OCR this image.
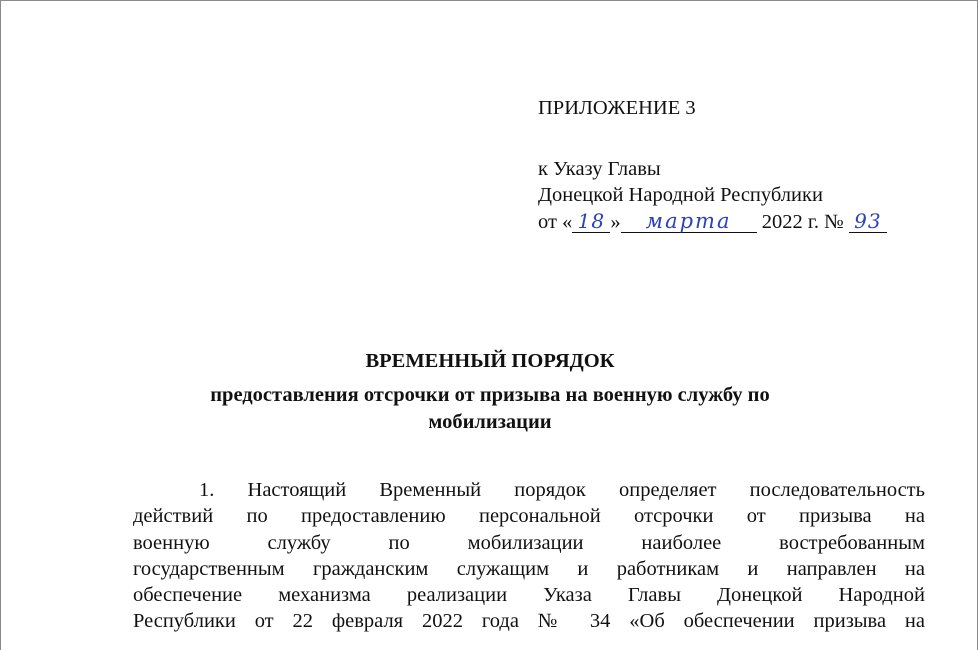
ПРИЛОЖЕНИЕ 3
к Указу Главы
Донецкой Народной Республики
от « 18 » марта 2022 г. № 93
ВРЕМЕННЫЙ ПОРЯДОК
предоставления отсрочки от призыва на военную службу по
мобилизации
1. Настоящий Временный порядок определяет последовательность
действий по предоставлению персональной отсрочки от призыва на
военную службу по мобилизации наиболее востребованным
государственным гражданским служащим и работникам и направлен на
обеспечение механизма реализации Указа Главы Донецкой Народной
Республики от 22 февраля 2022 года № 34 «Об обеспечении призыва на
